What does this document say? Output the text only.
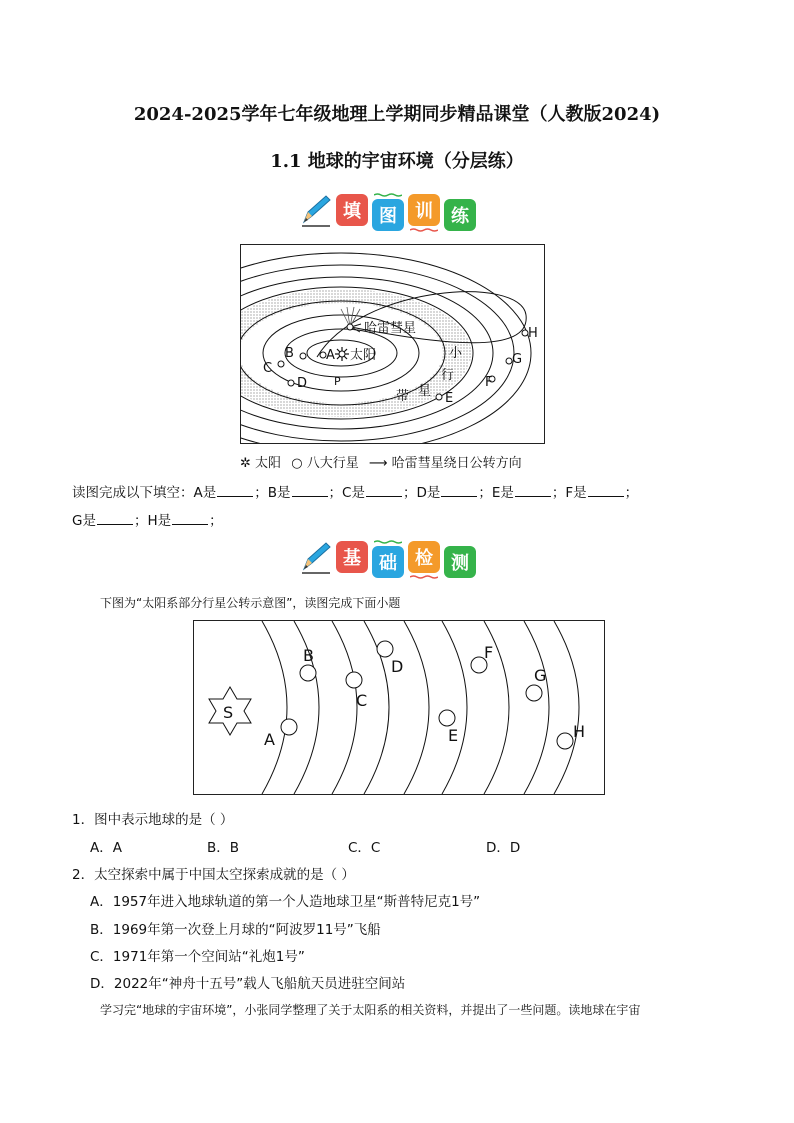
2024-2025学年七年级地理上学期同步精品课堂（人教版2024)
1.1 地球的宇宙环境（分层练）
填	图	训	练
哈雷彗星
太阳
A
B
C
D P
E
F
G
H
小
行
带 星
✲ 太阳 ○ 八大行星 ⟶ 哈雷彗星绕日公转方向
读图完成以下填空：A是	；B是	；C是	；D是	；E是	；F是	；
G是	；H是	；
基	础	检	测
下图为“太阳系部分行星公转示意图”，读图完成下面小题
S
A
B
C
D
E
F
G
H
1．图中表示地球的是（ ）
A．A	B．B	C．C	D．D
2．太空探索中属于中国太空探索成就的是（ ）
A．1957年进入地球轨道的第一个人造地球卫星“斯普特尼克1号”
B．1969年第一次登上月球的“阿波罗11号”飞船
C．1971年第一个空间站“礼炮1号”
D．2022年“神舟十五号”载人飞船航天员进驻空间站
学习完“地球的宇宙环境”，小张同学整理了关于太阳系的相关资料，并提出了一些问题。读地球在宇宙
